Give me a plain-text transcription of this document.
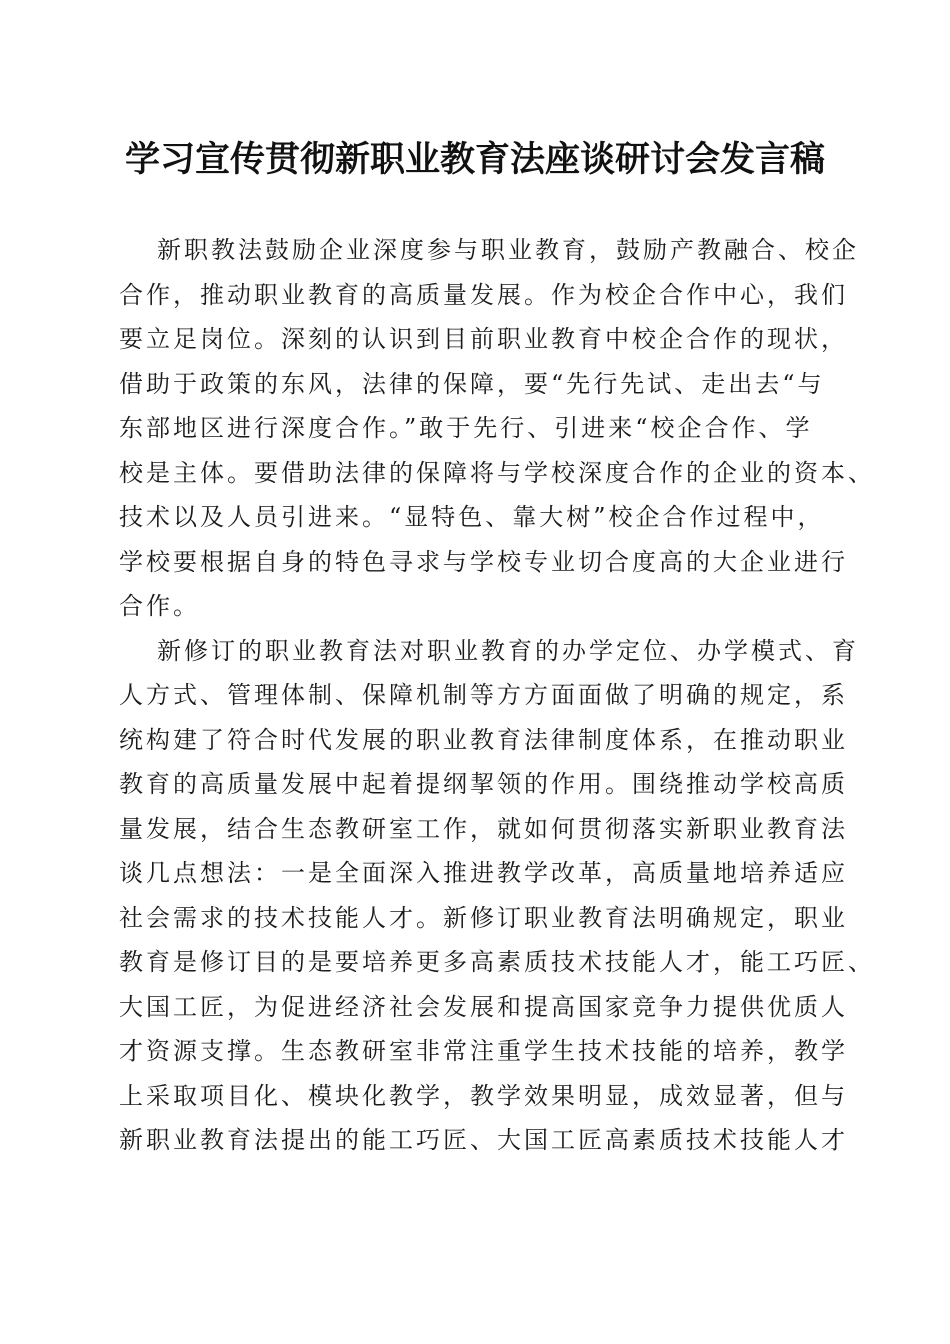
学习宣传贯彻新职业教育法座谈研讨会发言稿

新职教法鼓励企业深度参与职业教育，鼓励产教融合、校企
合作，推动职业教育的高质量发展。作为校企合作中心，我们
要立足岗位。深刻的认识到目前职业教育中校企合作的现状，
借助于政策的东风，法律的保障，要“先行先试、走出去“与
东部地区进行深度合作。”敢于先行、引进来“校企合作、学
校是主体。要借助法律的保障将与学校深度合作的企业的资本、
技术以及人员引进来。“显特色、靠大树”校企合作过程中，
学校要根据自身的特色寻求与学校专业切合度高的大企业进行
合作。

新修订的职业教育法对职业教育的办学定位、办学模式、育
人方式、管理体制、保障机制等方方面面做了明确的规定，系
统构建了符合时代发展的职业教育法律制度体系，在推动职业
教育的高质量发展中起着提纲挈领的作用。围绕推动学校高质
量发展，结合生态教研室工作，就如何贯彻落实新职业教育法
谈几点想法：一是全面深入推进教学改革，高质量地培养适应
社会需求的技术技能人才。新修订职业教育法明确规定，职业
教育是修订目的是要培养更多高素质技术技能人才，能工巧匠、
大国工匠，为促进经济社会发展和提高国家竞争力提供优质人
才资源支撑。生态教研室非常注重学生技术技能的培养，教学
上采取项目化、模块化教学，教学效果明显，成效显著，但与
新职业教育法提出的能工巧匠、大国工匠高素质技术技能人才
